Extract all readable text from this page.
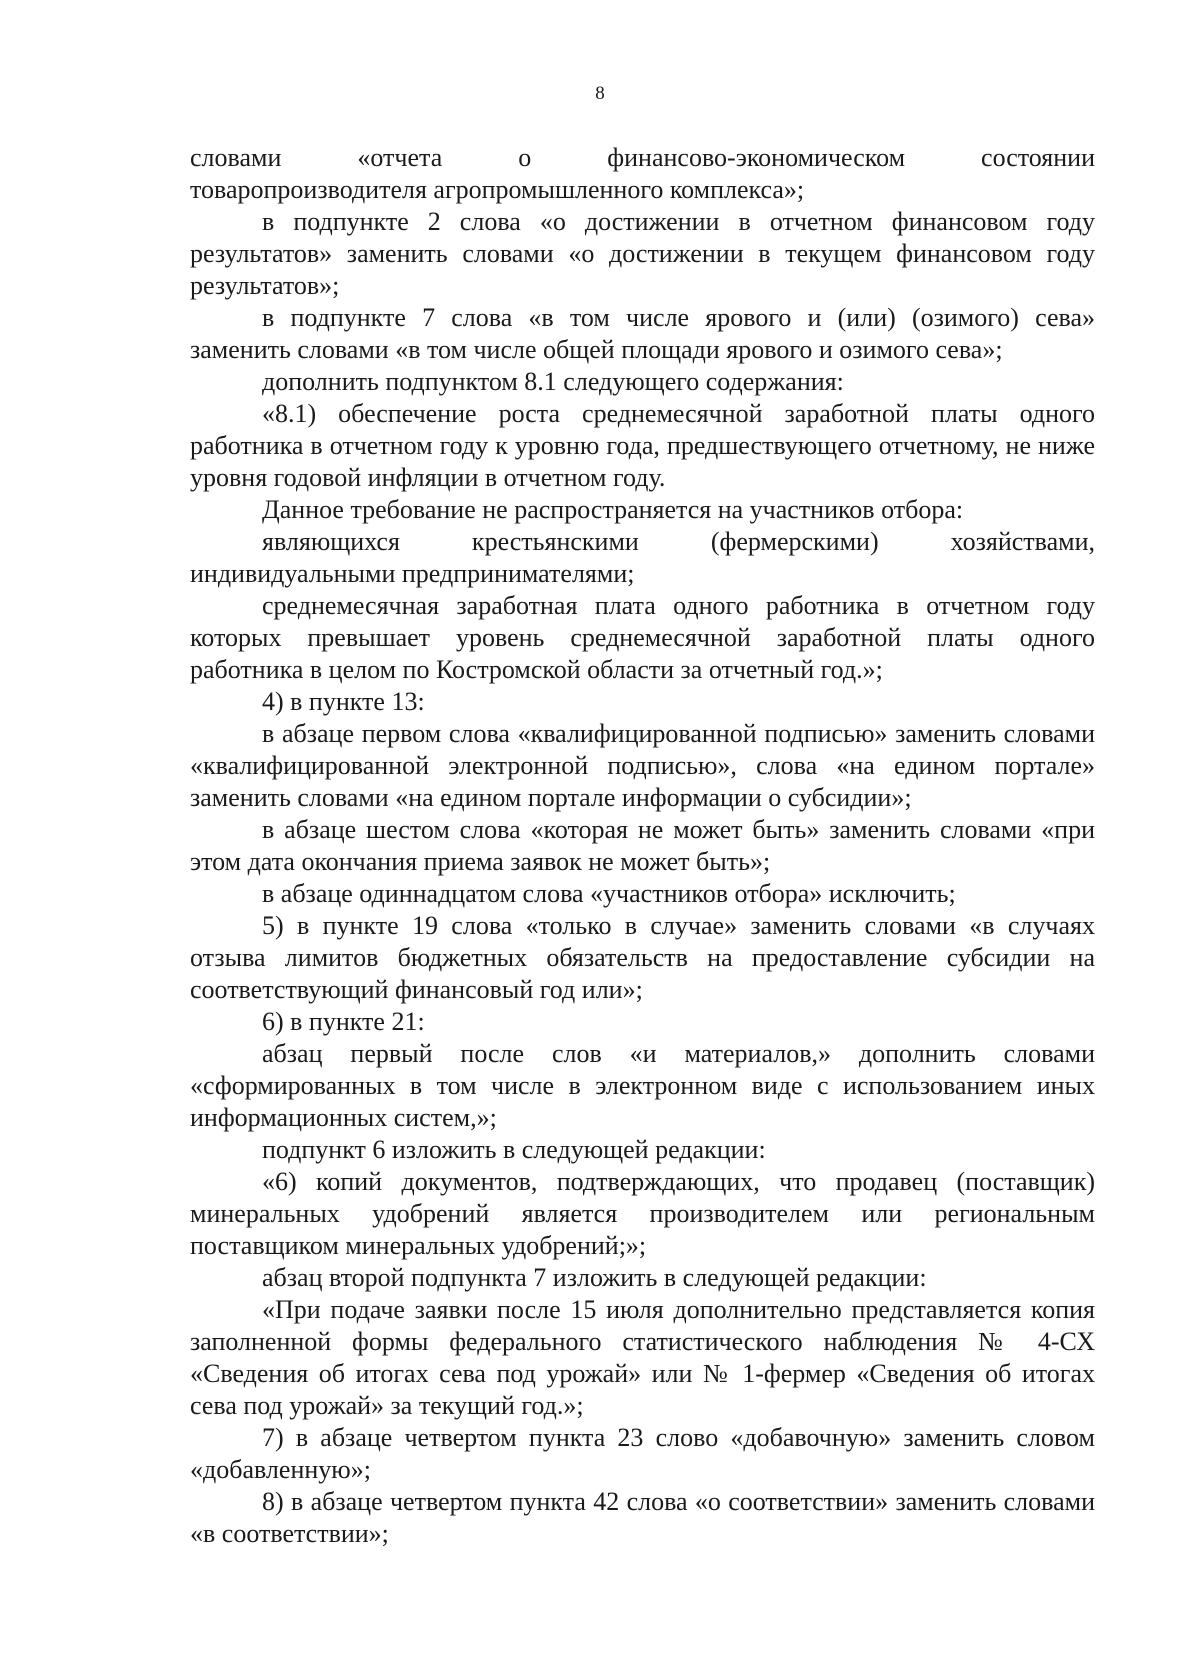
8

словами «отчета о финансово-экономическом состоянии

товаропроизводителя агропромышленного комплекса»;

в подпункте 2 слова «о достижении в отчетном финансовом году результатов» заменить словами «о достижении в текущем финансовом году результатов»;

в подпункте 7 слова «в том числе ярового и (или) (озимого) сева» заменить словами «в том числе общей площади ярового и озимого сева»;

дополнить подпунктом 8.1 следующего содержания:

«8.1) обеспечение роста среднемесячной заработной платы одного работника в отчетном году к уровню года, предшествующего отчетному, не ниже уровня годовой инфляции в отчетном году.

Данное требование не распространяется на участников отбора:

являющихся крестьянскими (фермерскими) хозяйствами, индивидуальными предпринимателями;

среднемесячная заработная плата одного работника в отчетном году которых превышает уровень среднемесячной заработной платы одного работника в целом по Костромской области за отчетный год.»;

4) в пункте 13:

в абзаце первом слова «квалифицированной подписью» заменить словами «квалифицированной электронной подписью», слова «на едином портале» заменить словами «на едином портале информации о субсидии»;

в абзаце шестом слова «которая не может быть» заменить словами «при этом дата окончания приема заявок не может быть»;

в абзаце одиннадцатом слова «участников отбора» исключить;

5) в пункте 19 слова «только в случае» заменить словами «в случаях отзыва лимитов бюджетных обязательств на предоставление субсидии на соответствующий финансовый год или»;

6) в пункте 21:

абзац первый после слов «и материалов,» дополнить словами «сформированных в том числе в электронном виде с использованием иных информационных систем,»;

подпункт 6 изложить в следующей редакции:

«6) копий документов, подтверждающих, что продавец (поставщик) минеральных удобрений является производителем или региональным поставщиком минеральных удобрений;»;

абзац второй подпункта 7 изложить в следующей редакции:

«При подаче заявки после 15 июля дополнительно представляется копия заполненной формы федерального статистического наблюдения № 4-СХ «Сведения об итогах сева под урожай» или № 1-фермер «Сведения об итогах сева под урожай» за текущий год.»;

7) в абзаце четвертом пункта 23 слово «добавочную» заменить словом «добавленную»;

8) в абзаце четвертом пункта 42 слова «о соответствии» заменить словами «в соответствии»;
